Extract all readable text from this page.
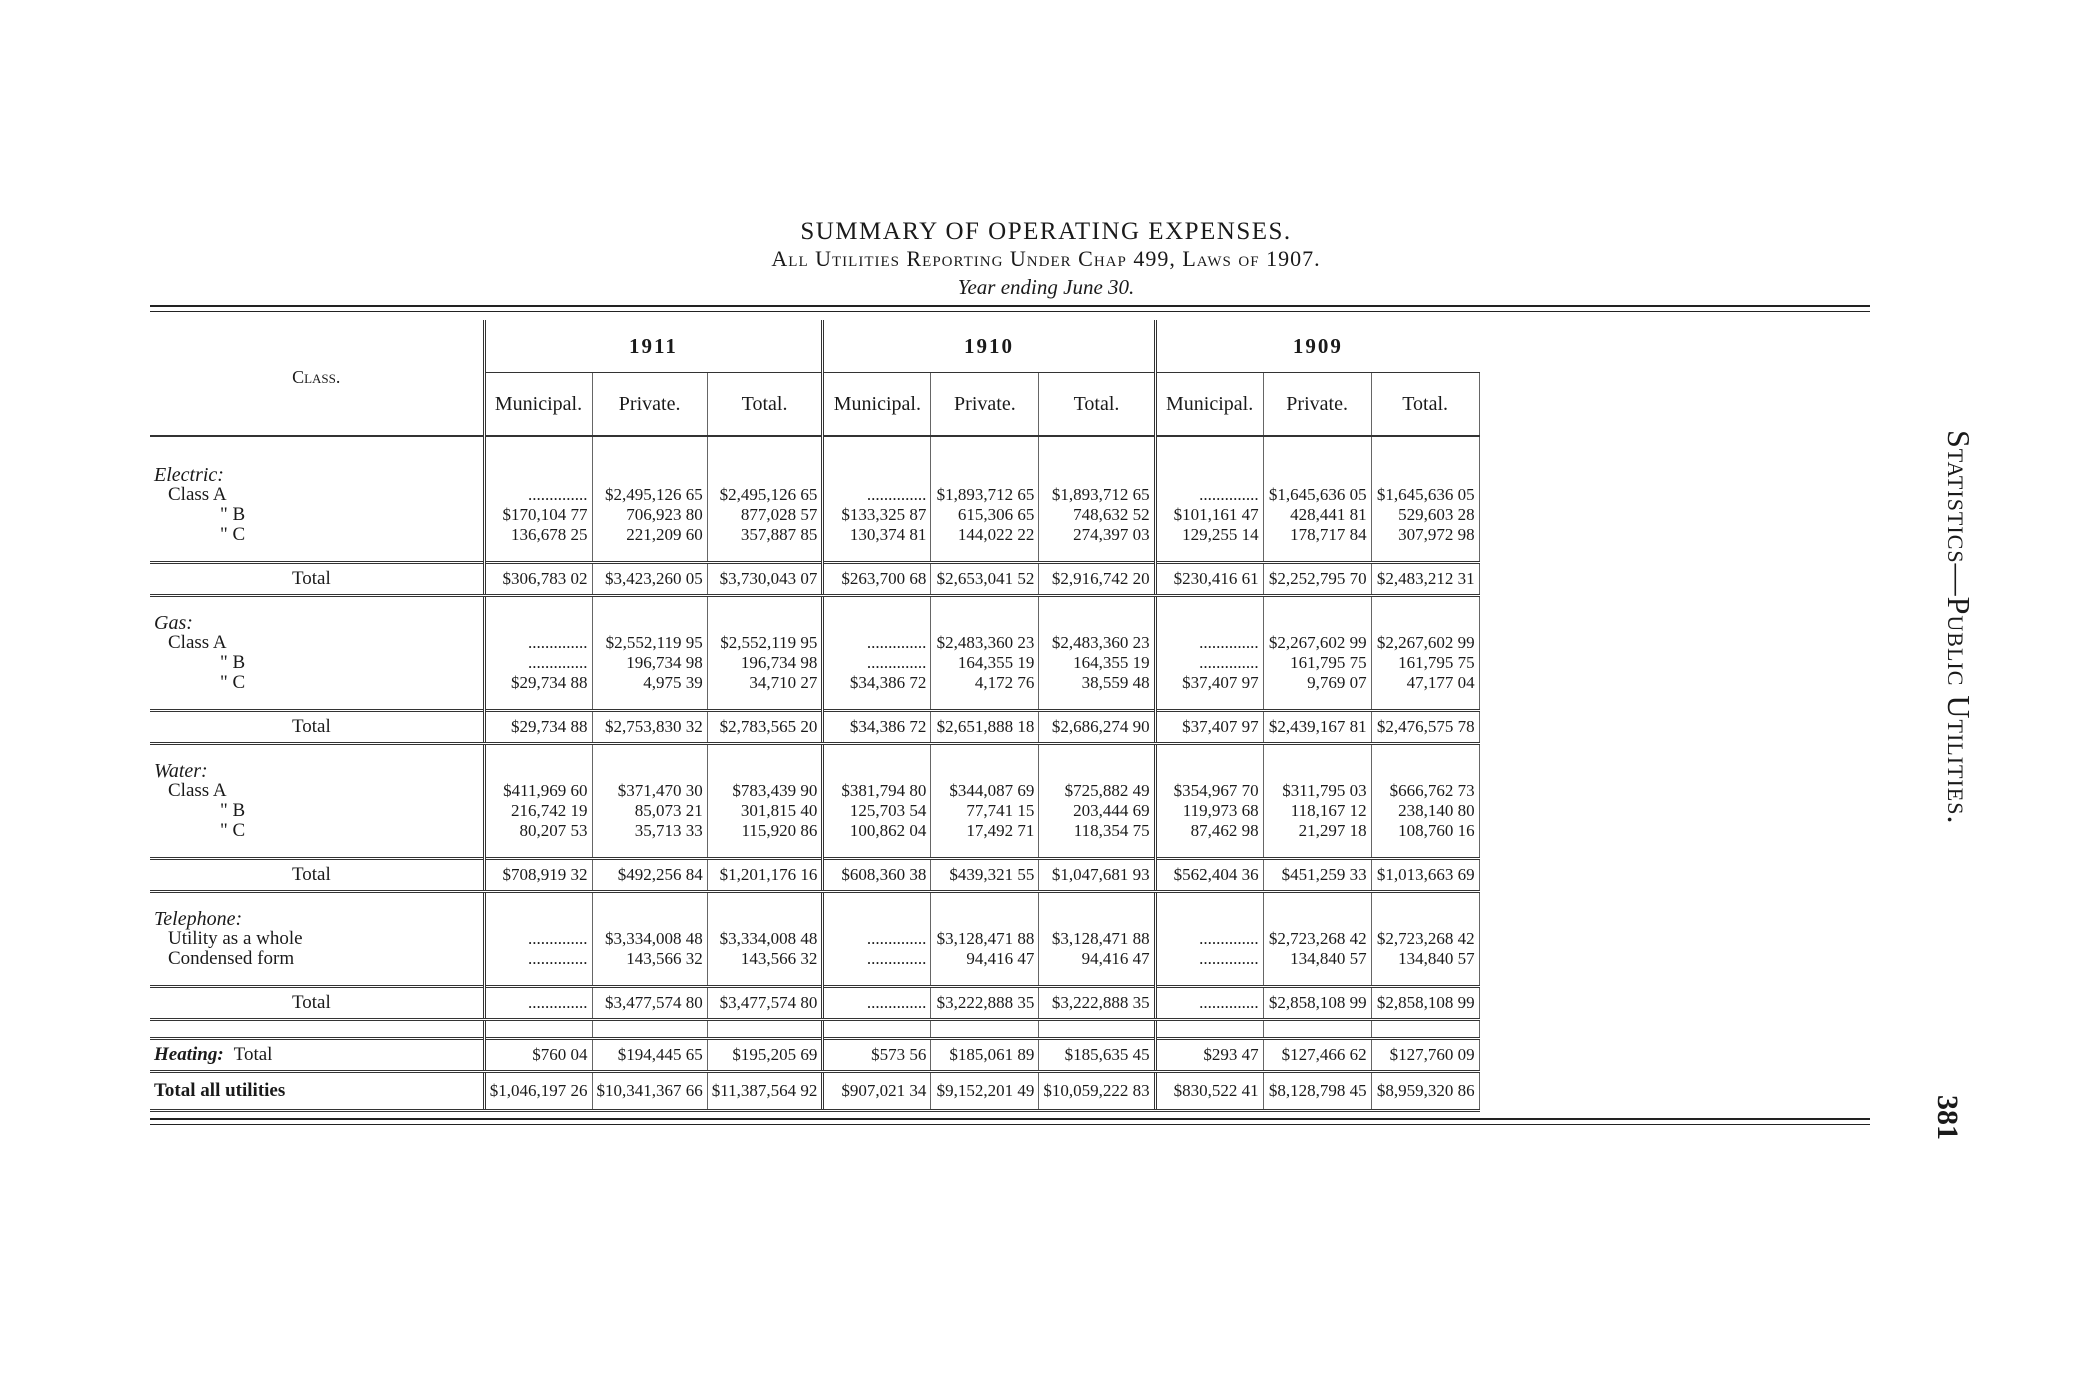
SUMMARY OF OPERATING EXPENSES.
All Utilities Reporting Under Chap 499, Laws of 1907.
Year ending June 30.
Statistics—Public Utilities.
381
Class.	1911			1910			1909		
	Municipal.	Private.	Total.	Municipal.	Private.	Total.	Municipal.	Private.	Total.

Electric:									
Class A	..............	$2,495,126 65	$2,495,126 65	..............	$1,893,712 65	$1,893,712 65	..............	$1,645,636 05	$1,645,636 05
" B	$170,104 77	706,923 80	877,028 57	$133,325 87	615,306 65	748,632 52	$101,161 47	428,441 81	529,603 28
" C	136,678 25	221,209 60	357,887 85	130,374 81	144,022 22	274,397 03	129,255 14	178,717 84	307,972 98

Total	$306,783 02	$3,423,260 05	$3,730,043 07	$263,700 68	$2,653,041 52	$2,916,742 20	$230,416 61	$2,252,795 70	$2,483,212 31

Gas:									
Class A	..............	$2,552,119 95	$2,552,119 95	..............	$2,483,360 23	$2,483,360 23	..............	$2,267,602 99	$2,267,602 99
" B	..............	196,734 98	196,734 98	..............	164,355 19	164,355 19	..............	161,795 75	161,795 75
" C	$29,734 88	4,975 39	34,710 27	$34,386 72	4,172 76	38,559 48	$37,407 97	9,769 07	47,177 04

Total	$29,734 88	$2,753,830 32	$2,783,565 20	$34,386 72	$2,651,888 18	$2,686,274 90	$37,407 97	$2,439,167 81	$2,476,575 78

Water:									
Class A	$411,969 60	$371,470 30	$783,439 90	$381,794 80	$344,087 69	$725,882 49	$354,967 70	$311,795 03	$666,762 73
" B	216,742 19	85,073 21	301,815 40	125,703 54	77,741 15	203,444 69	119,973 68	118,167 12	238,140 80
" C	80,207 53	35,713 33	115,920 86	100,862 04	17,492 71	118,354 75	87,462 98	21,297 18	108,760 16

Total	$708,919 32	$492,256 84	$1,201,176 16	$608,360 38	$439,321 55	$1,047,681 93	$562,404 36	$451,259 33	$1,013,663 69

Telephone:									
Utility as a whole	..............	$3,334,008 48	$3,334,008 48	..............	$3,128,471 88	$3,128,471 88	..............	$2,723,268 42	$2,723,268 42
Condensed form	..............	143,566 32	143,566 32	..............	94,416 47	94,416 47	..............	134,840 57	134,840 57

Total	..............	$3,477,574 80	$3,477,574 80	..............	$3,222,888 35	$3,222,888 35	..............	$2,858,108 99	$2,858,108 99

Heating: Total	$760 04	$194,445 65	$195,205 69	$573 56	$185,061 89	$185,635 45	$293 47	$127,466 62	$127,760 09
Total all utilities	$1,046,197 26	$10,341,367 66	$11,387,564 92	$907,021 34	$9,152,201 49	$10,059,222 83	$830,522 41	$8,128,798 45	$8,959,320 86
